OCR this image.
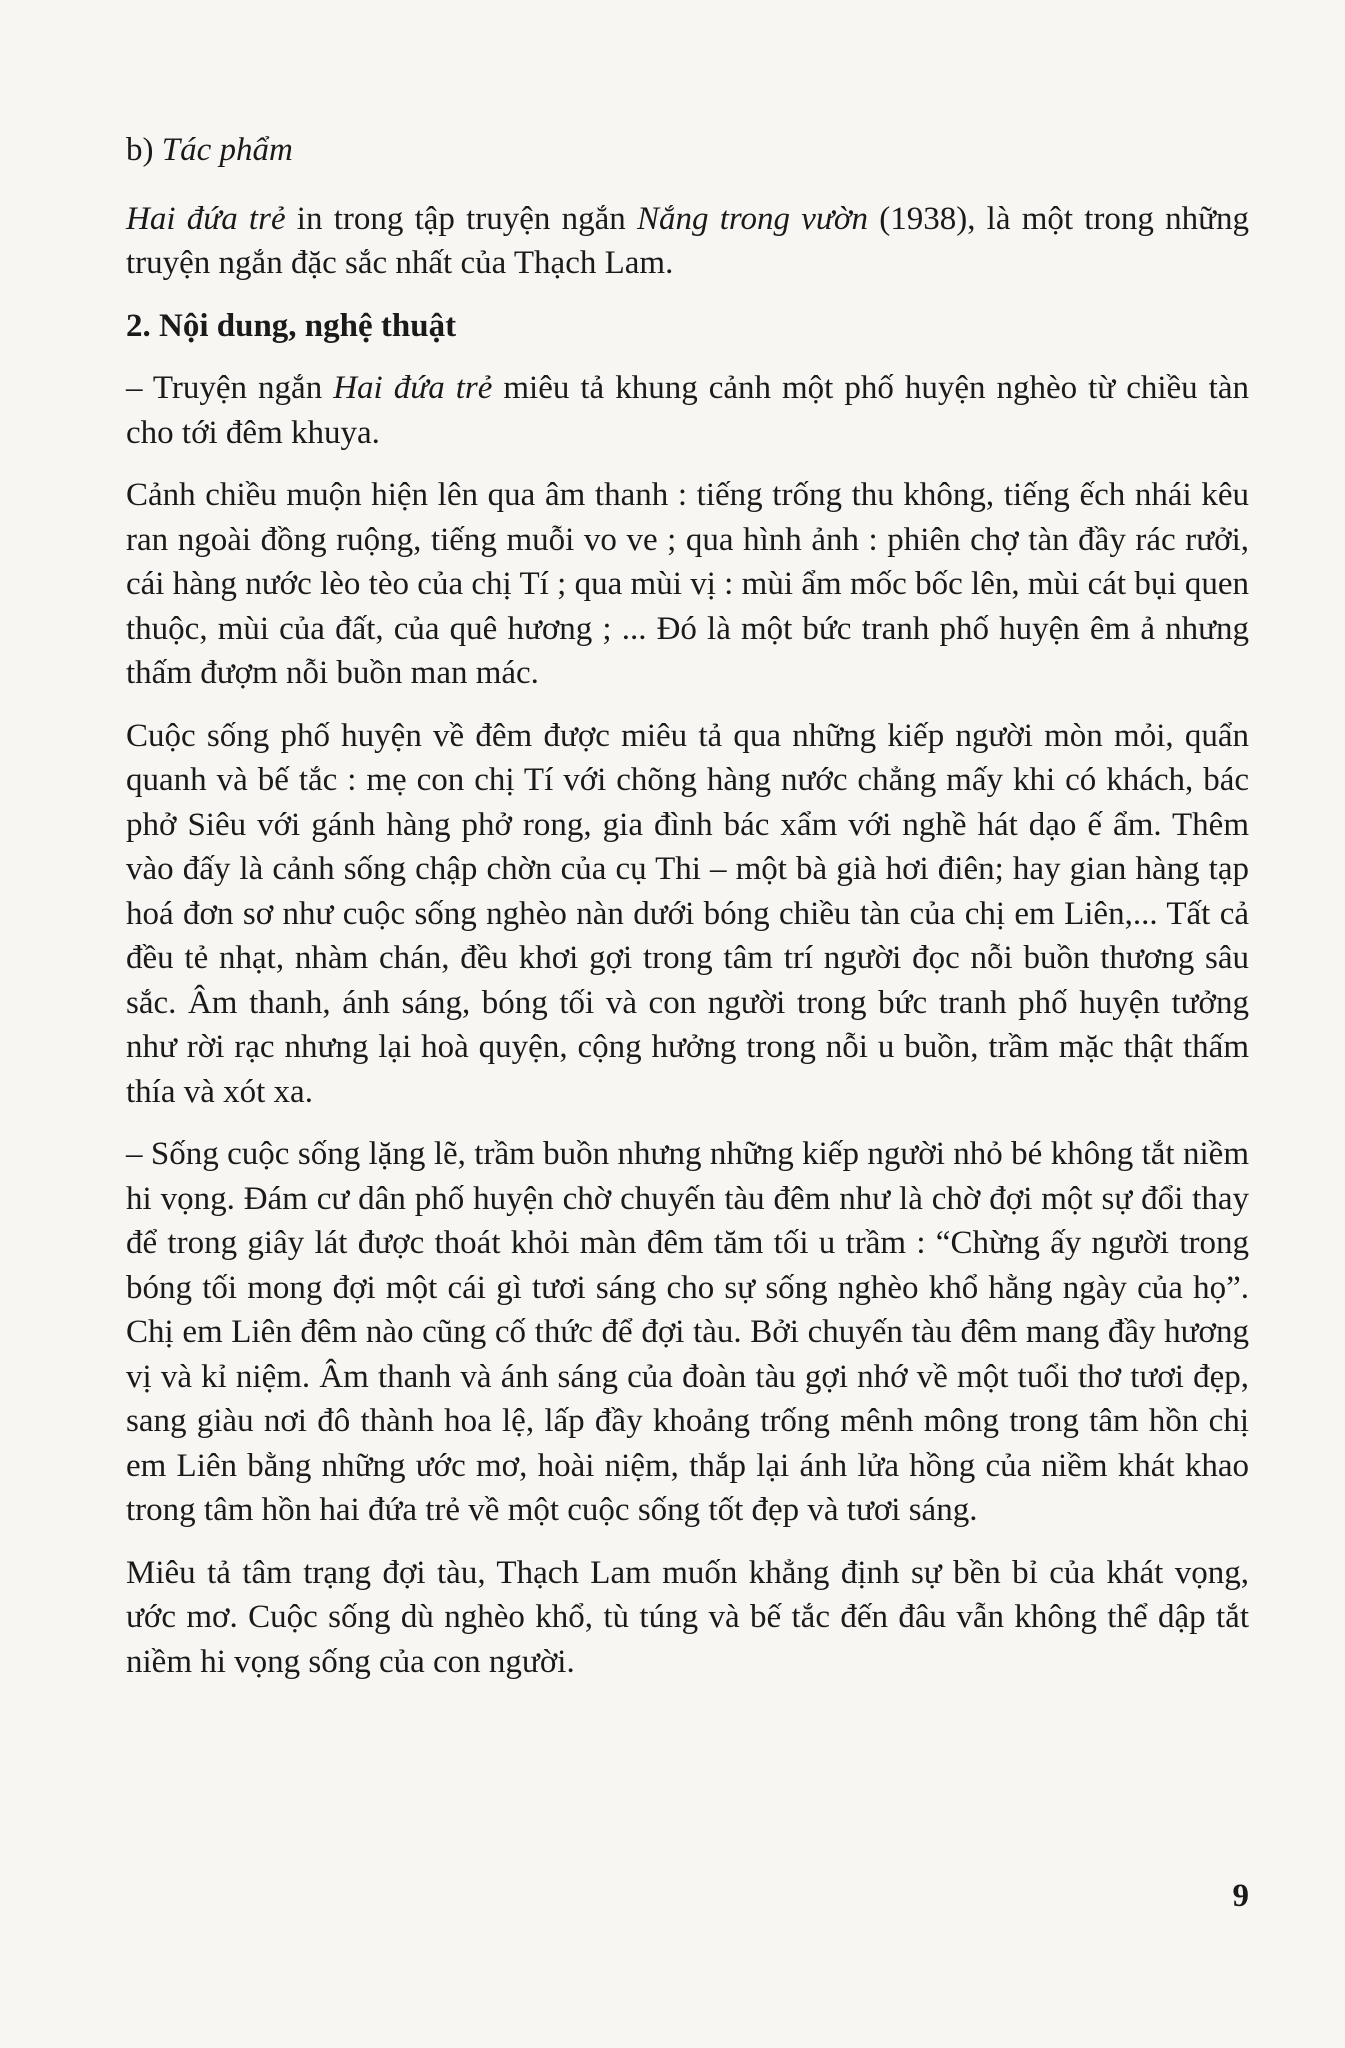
b) Tác phẩm

Hai đứa trẻ in trong tập truyện ngắn Nắng trong vườn (1938), là một trong những truyện ngắn đặc sắc nhất của Thạch Lam.

2. Nội dung, nghệ thuật

– Truyện ngắn Hai đứa trẻ miêu tả khung cảnh một phố huyện nghèo từ chiều tàn cho tới đêm khuya.

Cảnh chiều muộn hiện lên qua âm thanh : tiếng trống thu không, tiếng ếch nhái kêu ran ngoài đồng ruộng, tiếng muỗi vo ve ; qua hình ảnh : phiên chợ tàn đầy rác rưởi, cái hàng nước lèo tèo của chị Tí ; qua mùi vị : mùi ẩm mốc bốc lên, mùi cát bụi quen thuộc, mùi của đất, của quê hương ; ... Đó là một bức tranh phố huyện êm ả nhưng thấm đượm nỗi buồn man mác.

Cuộc sống phố huyện về đêm được miêu tả qua những kiếp người mòn mỏi, quẩn quanh và bế tắc : mẹ con chị Tí với chõng hàng nước chẳng mấy khi có khách, bác phở Siêu với gánh hàng phở rong, gia đình bác xẩm với nghề hát dạo ế ẩm. Thêm vào đấy là cảnh sống chập chờn của cụ Thi – một bà già hơi điên; hay gian hàng tạp hoá đơn sơ như cuộc sống nghèo nàn dưới bóng chiều tàn của chị em Liên,... Tất cả đều tẻ nhạt, nhàm chán, đều khơi gợi trong tâm trí người đọc nỗi buồn thương sâu sắc. Âm thanh, ánh sáng, bóng tối và con người trong bức tranh phố huyện tưởng như rời rạc nhưng lại hoà quyện, cộng hưởng trong nỗi u buồn, trầm mặc thật thấm thía và xót xa.

– Sống cuộc sống lặng lẽ, trầm buồn nhưng những kiếp người nhỏ bé không tắt niềm hi vọng. Đám cư dân phố huyện chờ chuyến tàu đêm như là chờ đợi một sự đổi thay để trong giây lát được thoát khỏi màn đêm tăm tối u trầm : “Chừng ấy người trong bóng tối mong đợi một cái gì tươi sáng cho sự sống nghèo khổ hằng ngày của họ”. Chị em Liên đêm nào cũng cố thức để đợi tàu. Bởi chuyến tàu đêm mang đầy hương vị và kỉ niệm. Âm thanh và ánh sáng của đoàn tàu gợi nhớ về một tuổi thơ tươi đẹp, sang giàu nơi đô thành hoa lệ, lấp đầy khoảng trống mênh mông trong tâm hồn chị em Liên bằng những ước mơ, hoài niệm, thắp lại ánh lửa hồng của niềm khát khao trong tâm hồn hai đứa trẻ về một cuộc sống tốt đẹp và tươi sáng.

Miêu tả tâm trạng đợi tàu, Thạch Lam muốn khẳng định sự bền bỉ của khát vọng, ước mơ. Cuộc sống dù nghèo khổ, tù túng và bế tắc đến đâu vẫn không thể dập tắt niềm hi vọng sống của con người.

9
